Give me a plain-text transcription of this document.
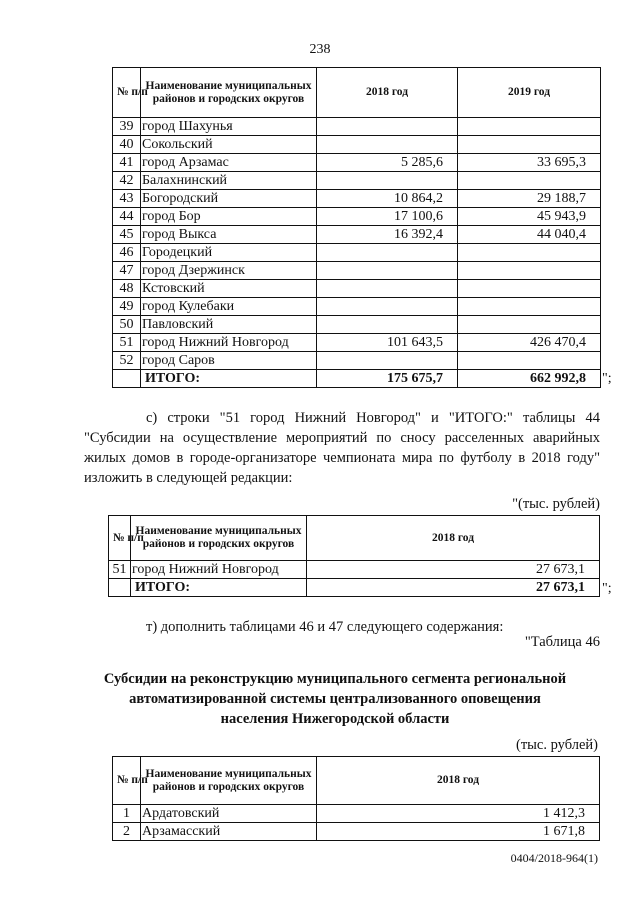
238
№ п/п	Наименование муниципальных районов и городских округов	2018 год	2019 год
39	город Шахунья		
40	Сокольский		
41	город Арзамас	5 285,6	33 695,3
42	Балахнинский		
43	Богородский	10 864,2	29 188,7
44	город Бор	17 100,6	45 943,9
45	город Выкса	16 392,4	44 040,4
46	Городецкий		
47	город Дзержинск		
48	Кстовский		
49	город Кулебаки		
50	Павловский		
51	город Нижний Новгород	101 643,5	426 470,4
52	город Саров		
	ИТОГО:	175 675,7	662 992,8 ";
с) строки "51 город Нижний Новгород" и "ИТОГО:" таблицы 44 "Субсидии на осуществление мероприятий по сносу расселенных аварийных жилых домов в городе-организаторе чемпионата мира по футболу в 2018 году" изложить в следующей редакции:
"(тыс. рублей)
№ п/п	Наименование муниципальных районов и городских округов	2018 год
51	город Нижний Новгород	27 673,1
	ИТОГО:	27 673,1 ";
т) дополнить таблицами 46 и 47 следующего содержания:
"Таблица 46
Субсидии на реконструкцию муниципального сегмента региональной автоматизированной системы централизованного оповещения населения Нижегородской области
(тыс. рублей)
№ п/п	Наименование муниципальных районов и городских округов	2018 год
1	Ардатовский	1 412,3
2	Арзамасский	1 671,8
0404/2018-964(1)
